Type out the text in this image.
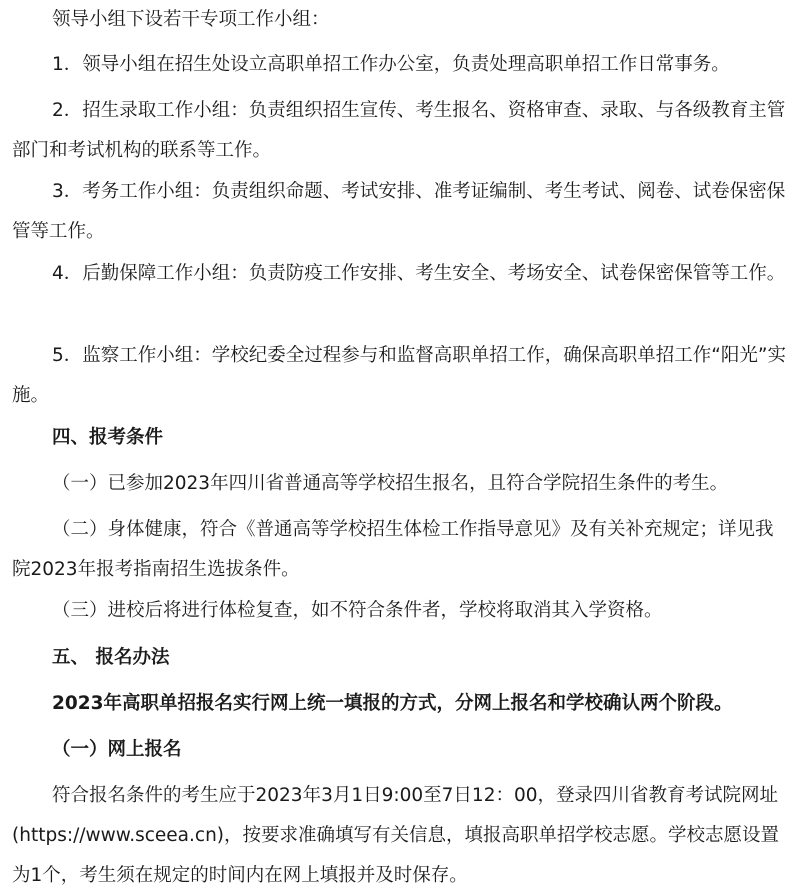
领导小组下设若干专项工作小组：
1．领导小组在招生处设立高职单招工作办公室，负责处理高职单招工作日常事务。
2．招生录取工作小组：负责组织招生宣传、考生报名、资格审查、录取、与各级教育主管部门和考试机构的联系等工作。
3．考务工作小组：负责组织命题、考试安排、准考证编制、考生考试、阅卷、试卷保密保管等工作。
4．后勤保障工作小组：负责防疫工作安排、考生安全、考场安全、试卷保密保管等工作。
5．监察工作小组：学校纪委全过程参与和监督高职单招工作，确保高职单招工作“阳光”实施。
四、报考条件
（一）已参加2023年四川省普通高等学校招生报名，且符合学院招生条件的考生。
（二）身体健康，符合《普通高等学校招生体检工作指导意见》及有关补充规定；详见我院2023年报考指南招生选拔条件。
（三）进校后将进行体检复查，如不符合条件者，学校将取消其入学资格。
五、 报名办法
2023年高职单招报名实行网上统一填报的方式，分网上报名和学校确认两个阶段。
（一）网上报名
符合报名条件的考生应于2023年3月1日9:00至7日12：00，登录四川省教育考试院网址(https://www.sceea.cn)，按要求准确填写有关信息，填报高职单招学校志愿。学校志愿设置为1个，考生须在规定的时间内在网上填报并及时保存。
